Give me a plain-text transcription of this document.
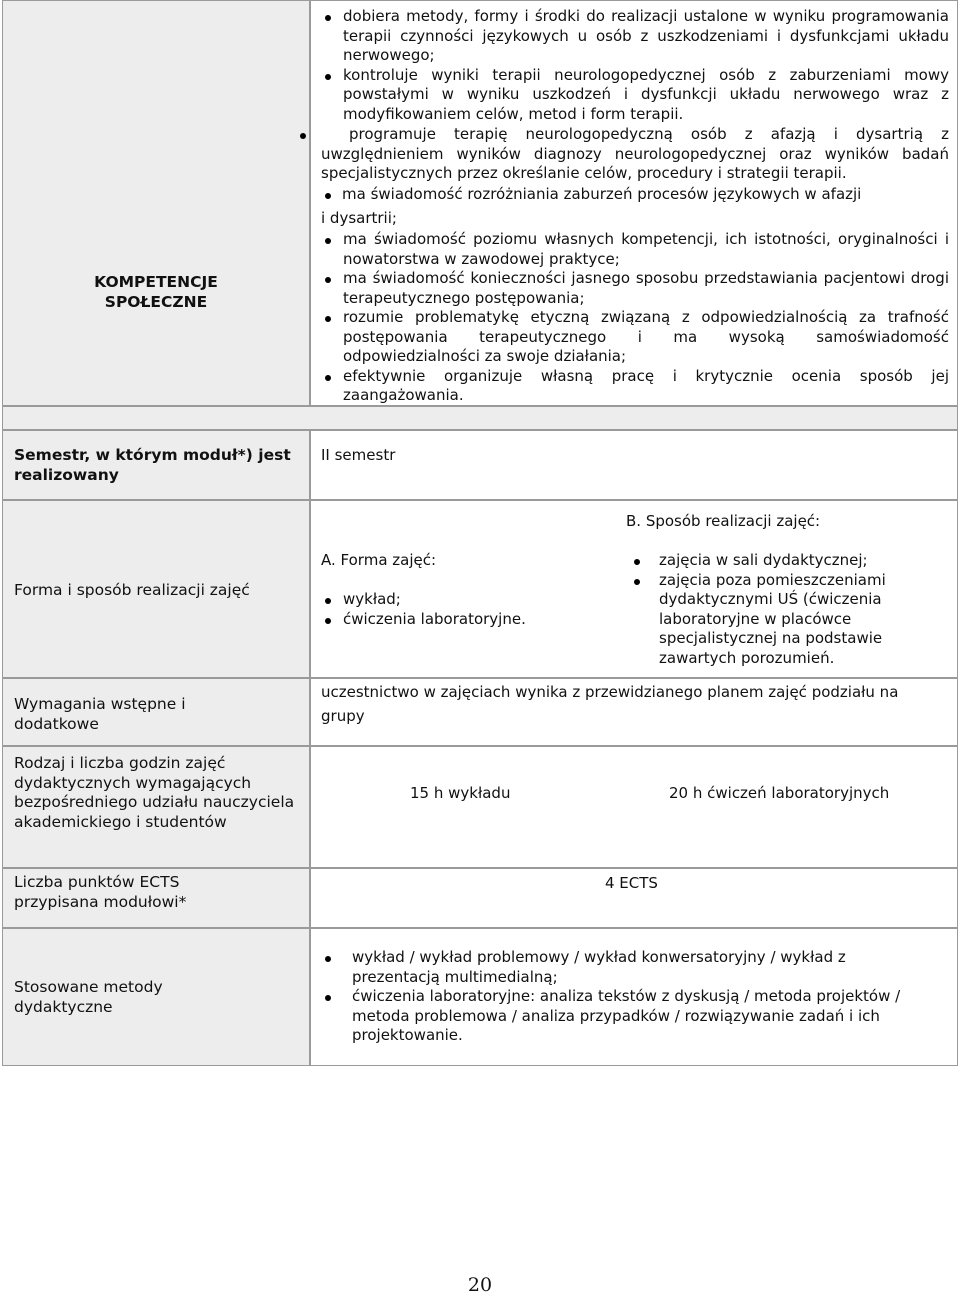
KOMPETENCJE
SPOŁECZNE
dobiera metody, formy i środki do realizacji ustalone w wyniku programowania terapii czynności językowych u osób z uszkodzeniami i dysfunkcjami układu nerwowego;
kontroluje wyniki terapii neurologopedycznej osób z zaburzeniami mowy powstałymi w wyniku uszkodzeń i dysfunkcji układu nerwowego wraz z modyfikowaniem celów, metod i form terapii.
programuje terapię neurologopedyczną osób z afazją i dysartrią z uwzględnieniem wyników diagnozy neurologopedycznej oraz wyników badań specjalistycznych przez określanie celów, procedury i strategii terapii.
ma świadomość rozróżniania zaburzeń procesów językowych w afazji
i dysartrii;
ma świadomość poziomu własnych kompetencji, ich istotności, oryginalności i nowatorstwa w zawodowej praktyce;
ma świadomość konieczności jasnego sposobu przedstawiania pacjentowi drogi terapeutycznego postępowania;
rozumie problematykę etyczną związaną z odpowiedzialnością za trafność postępowania terapeutycznego i ma wysoką samoświadomość odpowiedzialności za swoje działania;
efektywnie organizuje własną pracę i krytycznie ocenia sposób jej zaangażowania.
Semestr, w którym moduł*) jest realizowany
II semestr
Forma i sposób realizacji zajęć
A. Forma zajęć:
wykład;
ćwiczenia laboratoryjne.
B. Sposób realizacji zajęć:
zajęcia w sali dydaktycznej;
zajęcia poza pomieszczeniami dydaktycznymi UŚ (ćwiczenia laboratoryjne w placówce specjalistycznej na podstawie zawartych porozumień.
Wymagania wstępne i dodatkowe
uczestnictwo w zajęciach wynika z przewidzianego planem zajęć podziału na
grupy
Rodzaj i liczba godzin zajęć dydaktycznych wymagających bezpośredniego udziału nauczyciela akademickiego i studentów
15 h wykładu	20 h ćwiczeń laboratoryjnych
Liczba punktów ECTS przypisana modułowi*
4 ECTS
Stosowane metody dydaktyczne
wykład / wykład problemowy / wykład konwersatoryjny / wykład z prezentacją multimedialną;
ćwiczenia laboratoryjne: analiza tekstów z dyskusją / metoda projektów / metoda problemowa / analiza przypadków / rozwiązywanie zadań i ich projektowanie.
20
